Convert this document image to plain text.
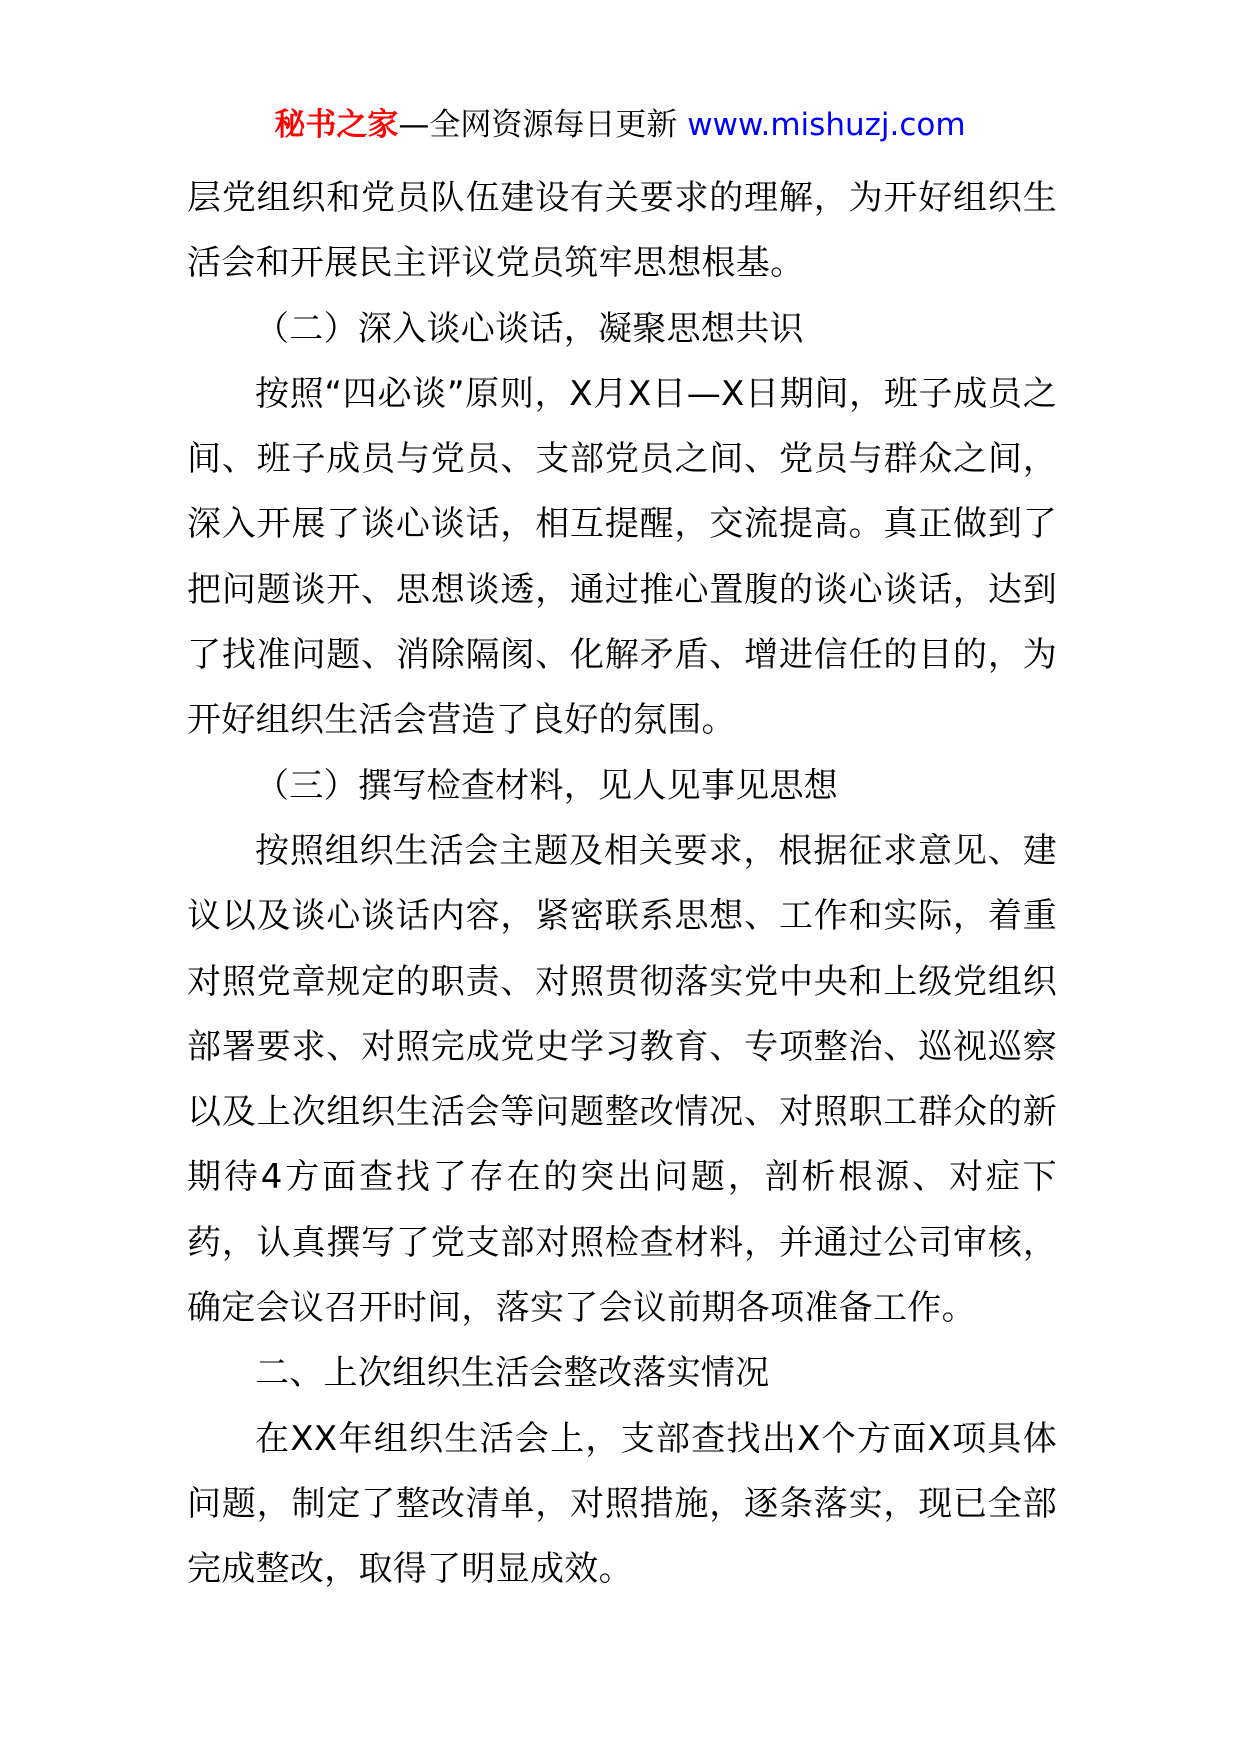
秘书之家—全网资源每日更新 www.mishuzj.com

层党组织和党员队伍建设有关要求的理解，为开好组织生活会和开展民主评议党员筑牢思想根基。

（二）深入谈心谈话，凝聚思想共识

按照“四必谈”原则，X月X日—X日期间，班子成员之间、班子成员与党员、支部党员之间、党员与群众之间，深入开展了谈心谈话，相互提醒，交流提高。真正做到了把问题谈开、思想谈透，通过推心置腹的谈心谈话，达到了找准问题、消除隔阂、化解矛盾、增进信任的目的，为开好组织生活会营造了良好的氛围。

（三）撰写检查材料，见人见事见思想

按照组织生活会主题及相关要求，根据征求意见、建议以及谈心谈话内容，紧密联系思想、工作和实际，着重对照党章规定的职责、对照贯彻落实党中央和上级党组织部署要求、对照完成党史学习教育、专项整治、巡视巡察以及上次组织生活会等问题整改情况、对照职工群众的新期待4方面查找了存在的突出问题，剖析根源、对症下药，认真撰写了党支部对照检查材料，并通过公司审核，确定会议召开时间，落实了会议前期各项准备工作。

二、上次组织生活会整改落实情况

在XX年组织生活会上，支部查找出X个方面X项具体问题，制定了整改清单，对照措施，逐条落实，现已全部完成整改，取得了明显成效。
